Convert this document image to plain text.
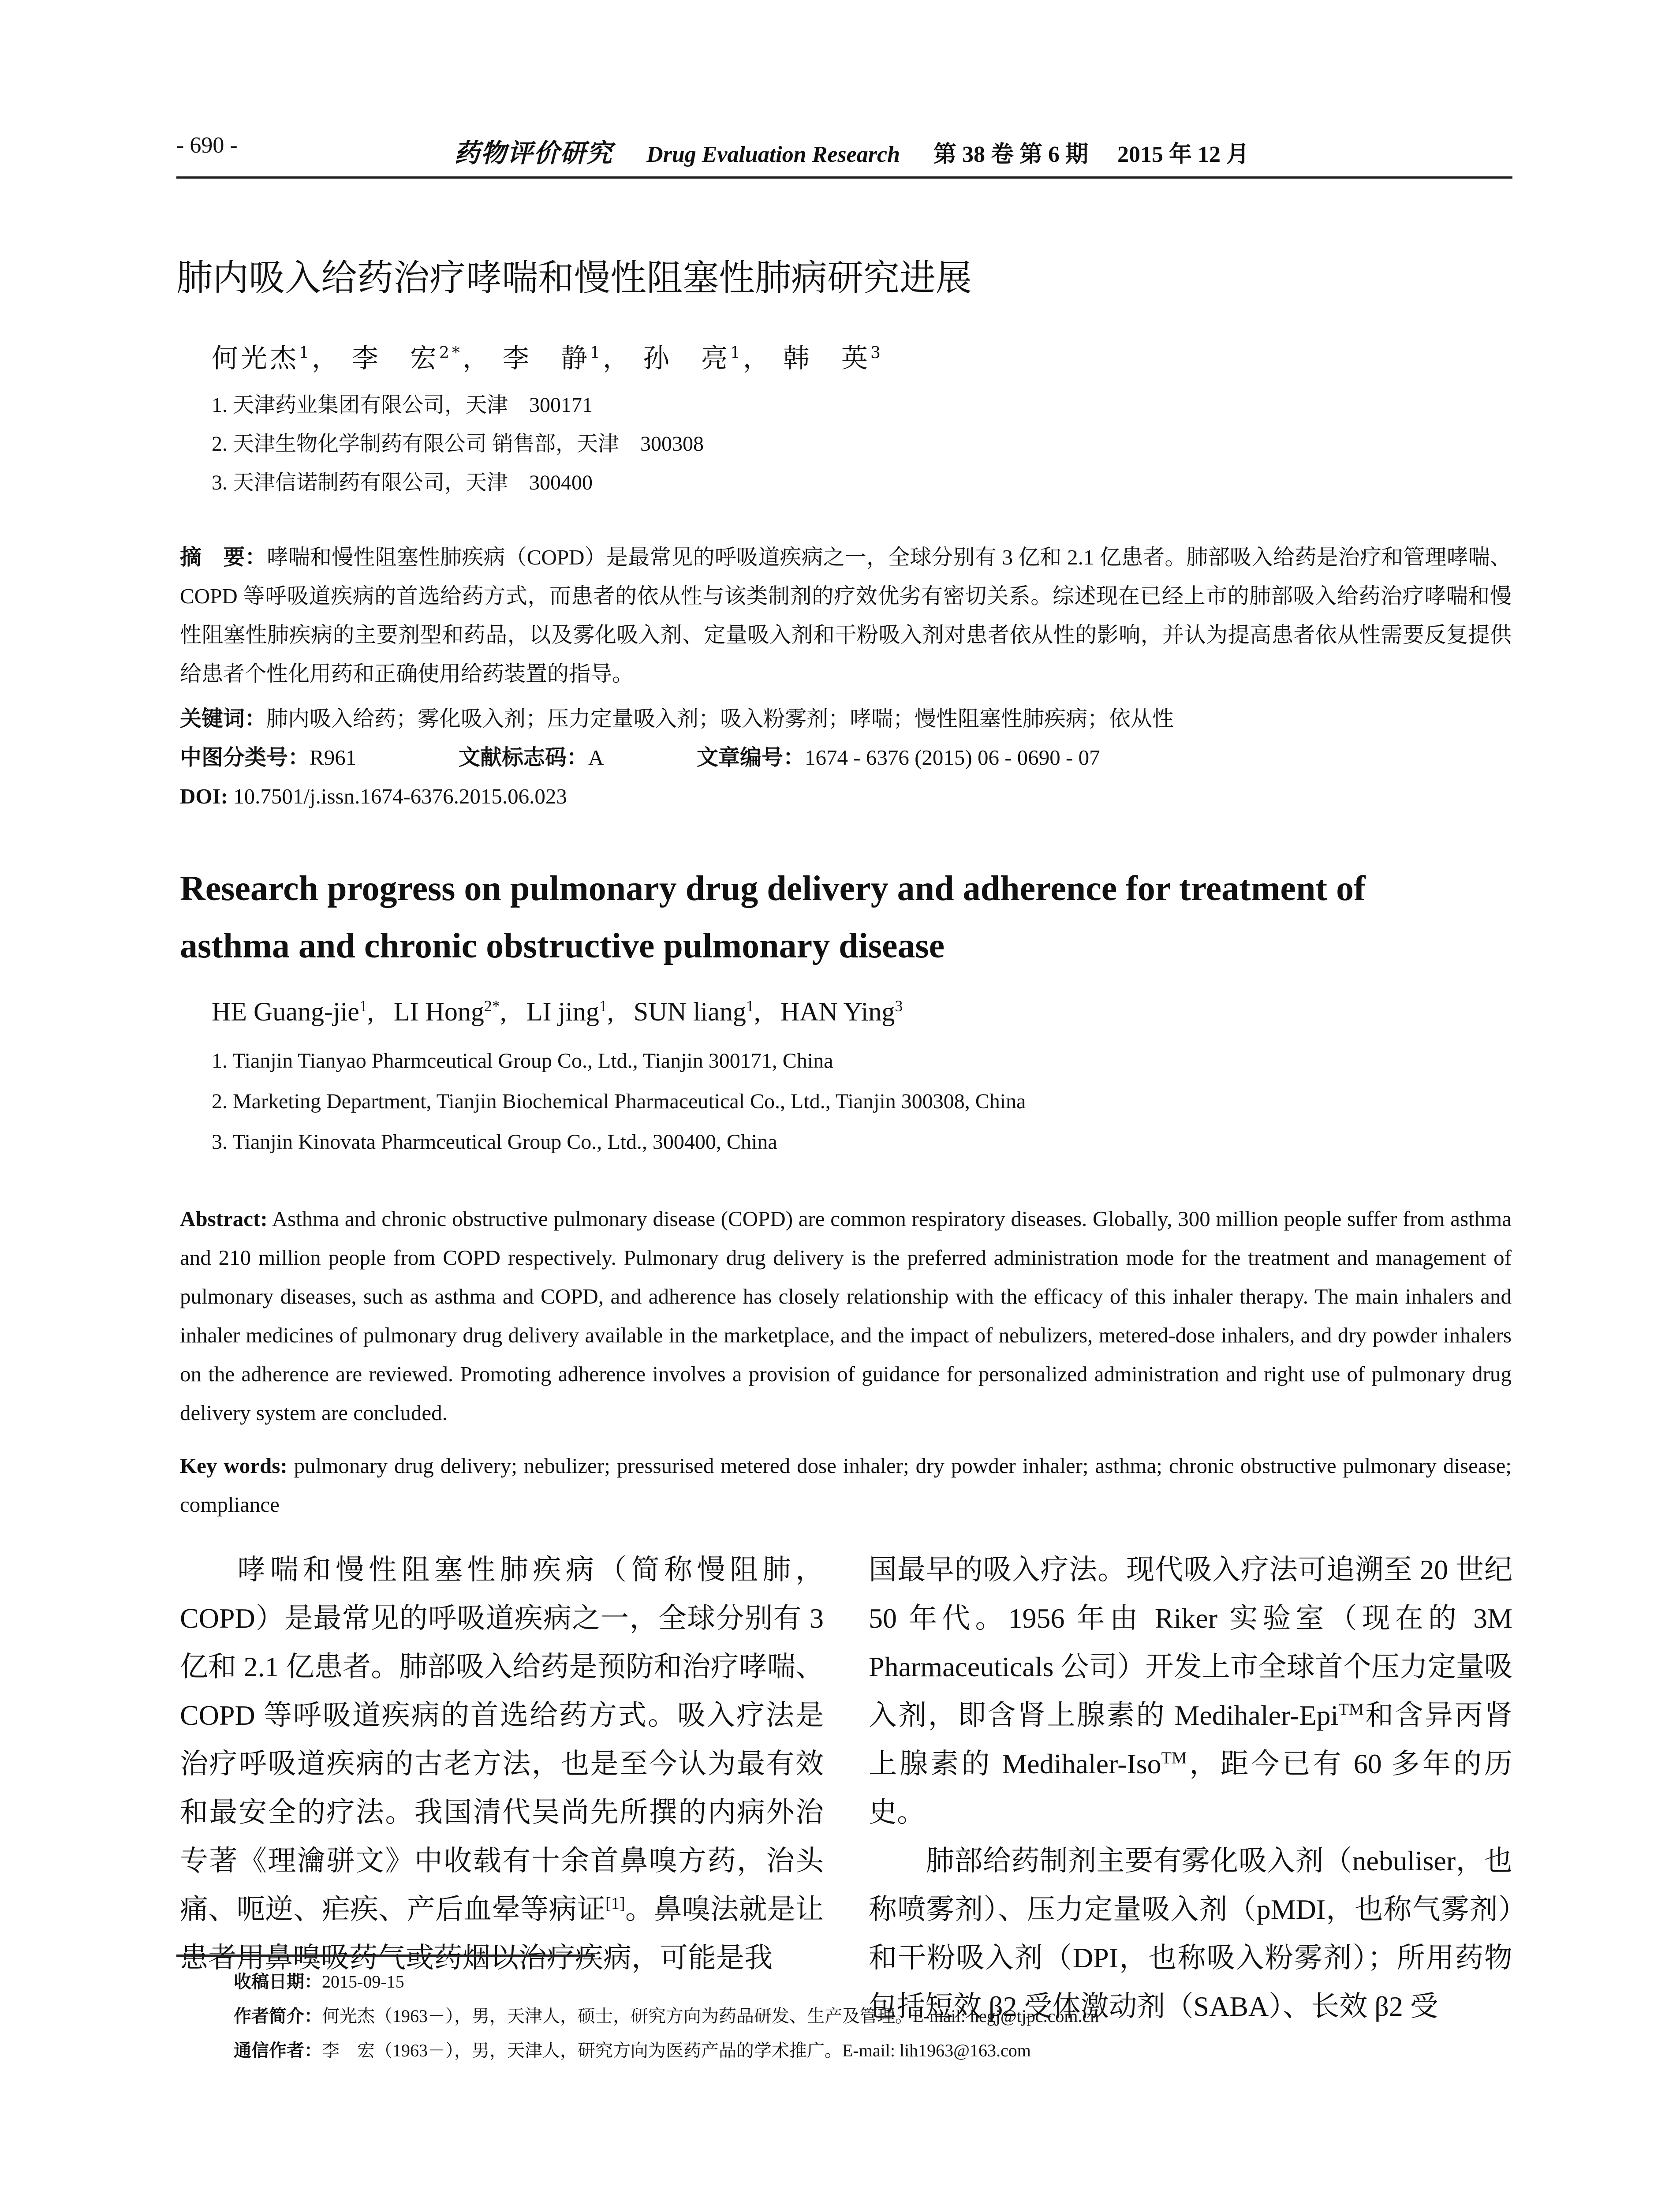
- 690 -	药物评价研究 Drug Evaluation Research 第 38 卷 第 6 期 2015 年 12 月
肺内吸入给药治疗哮喘和慢性阻塞性肺病研究进展
何光杰$^1$， 李　宏$^{2*}$， 李　静$^1$， 孙　亮$^1$， 韩　英$^3$
1. 天津药业集团有限公司，天津　300171
2. 天津生物化学制药有限公司 销售部，天津　300308
3. 天津信诺制药有限公司，天津　300400
摘　要：哮喘和慢性阻塞性肺疾病（COPD）是最常见的呼吸道疾病之一，全球分别有 3 亿和 2.1 亿患者。肺部吸入给药是治疗和管理哮喘、COPD 等呼吸道疾病的首选给药方式，而患者的依从性与该类制剂的疗效优劣有密切关系。综述现在已经上市的肺部吸入给药治疗哮喘和慢性阻塞性肺疾病的主要剂型和药品，以及雾化吸入剂、定量吸入剂和干粉吸入剂对患者依从性的影响，并认为提高患者依从性需要反复提供给患者个性化用药和正确使用给药装置的指导。
关键词：肺内吸入给药；雾化吸入剂；压力定量吸入剂；吸入粉雾剂；哮喘；慢性阻塞性肺疾病；依从性
中图分类号：R961	文献标志码：A	文章编号：1674 - 6376 (2015) 06 - 0690 - 07
DOI: 10.7501/j.issn.1674-6376.2015.06.023
Research progress on pulmonary drug delivery and adherence for treatment of
asthma and chronic obstructive pulmonary disease
HE Guang-jie$^1$,   LI Hong$^{2*}$,   LI jing$^1$,   SUN liang$^1$,   HAN Ying$^3$
1. Tianjin Tianyao Pharmceutical Group Co., Ltd., Tianjin 300171, China
2. Marketing Department, Tianjin Biochemical Pharmaceutical Co., Ltd., Tianjin 300308, China
3. Tianjin Kinovata Pharmceutical Group Co., Ltd., 300400, China
Abstract: Asthma and chronic obstructive pulmonary disease (COPD) are common respiratory diseases. Globally, 300 million people suffer from asthma and 210 million people from COPD respectively. Pulmonary drug delivery is the preferred administration mode for the treatment and management of pulmonary diseases, such as asthma and COPD, and adherence has closely relationship with the efficacy of this inhaler therapy. The main inhalers and inhaler medicines of pulmonary drug delivery available in the marketplace, and the impact of nebulizers, metered-dose inhalers, and dry powder inhalers on the adherence are reviewed. Promoting adherence involves a provision of guidance for personalized administration and right use of pulmonary drug delivery system are concluded.
Key words: pulmonary drug delivery; nebulizer; pressurised metered dose inhaler; dry powder inhaler; asthma; chronic obstructive pulmonary disease; compliance

哮喘和慢性阻塞性肺疾病（简称慢阻肺，COPD）是最常见的呼吸道疾病之一，全球分别有 3 亿和 2.1 亿患者。肺部吸入给药是预防和治疗哮喘、COPD 等呼吸道疾病的首选给药方式。吸入疗法是治疗呼吸道疾病的古老方法，也是至今认为最有效和最安全的疗法。我国清代吴尚先所撰的内病外治专著《理瀹骈文》中收载有十余首鼻嗅方药，治头痛、呃逆、疟疾、产后血晕等病证[1]。鼻嗅法就是让患者用鼻嗅吸药气或药烟以治疗疾病，可能是我

国最早的吸入疗法。现代吸入疗法可追溯至 20 世纪 50 年代。1956 年由 Riker 实验室（现在的 3M Pharmaceuticals 公司）开发上市全球首个压力定量吸入剂，即含肾上腺素的 Medihaler-Epi™和含异丙肾上腺素的 Medihaler-Iso™，距今已有 60 多年的历史。

肺部给药制剂主要有雾化吸入剂（nebuliser，也称喷雾剂）、压力定量吸入剂（pMDI，也称气雾剂）和干粉吸入剂（DPI，也称吸入粉雾剂）；所用药物包括短效 β2 受体激动剂（SABA）、长效 β2 受

收稿日期：2015-09-15
作者简介：何光杰（1963－），男，天津人，硕士，研究方向为药品研发、生产及管理。E-mail: hegj@tjpc.com.cn
通信作者：李　宏（1963－），男，天津人，研究方向为医药产品的学术推广。E-mail: lih1963@163.com
